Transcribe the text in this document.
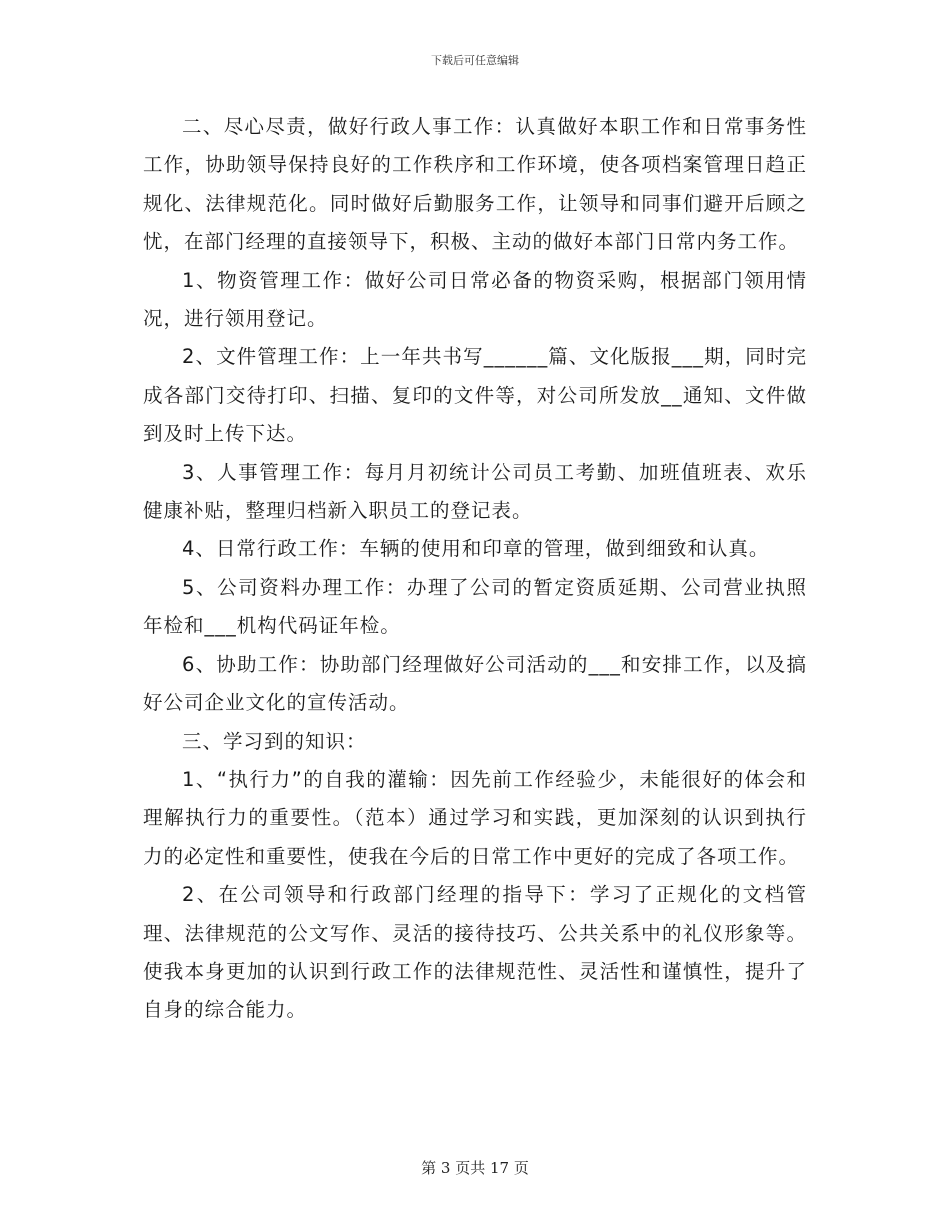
下载后可任意编辑

二、尽心尽责，做好行政人事工作：认真做好本职工作和日常事务性工作，协助领导保持良好的工作秩序和工作环境，使各项档案管理日趋正规化、法律规范化。同时做好后勤服务工作，让领导和同事们避开后顾之忧，在部门经理的直接领导下，积极、主动的做好本部门日常内务工作。

1、物资管理工作：做好公司日常必备的物资采购，根据部门领用情况，进行领用登记。

2、文件管理工作：上一年共书写______篇、文化版报___期，同时完成各部门交待打印、扫描、复印的文件等，对公司所发放__通知、文件做到及时上传下达。

3、人事管理工作：每月月初统计公司员工考勤、加班值班表、欢乐健康补贴，整理归档新入职员工的登记表。

4、日常行政工作：车辆的使用和印章的管理，做到细致和认真。

5、公司资料办理工作：办理了公司的暂定资质延期、公司营业执照年检和___机构代码证年检。

6、协助工作：协助部门经理做好公司活动的___和安排工作，以及搞好公司企业文化的宣传活动。

三、学习到的知识：

1、“执行力”的自我的灌输：因先前工作经验少，未能很好的体会和理解执行力的重要性。（范本）通过学习和实践，更加深刻的认识到执行力的必定性和重要性，使我在今后的日常工作中更好的完成了各项工作。

2、在公司领导和行政部门经理的指导下：学习了正规化的文档管理、法律规范的公文写作、灵活的接待技巧、公共关系中的礼仪形象等。使我本身更加的认识到行政工作的法律规范性、灵活性和谨慎性，提升了自身的综合能力。

第 3 页共 17 页
